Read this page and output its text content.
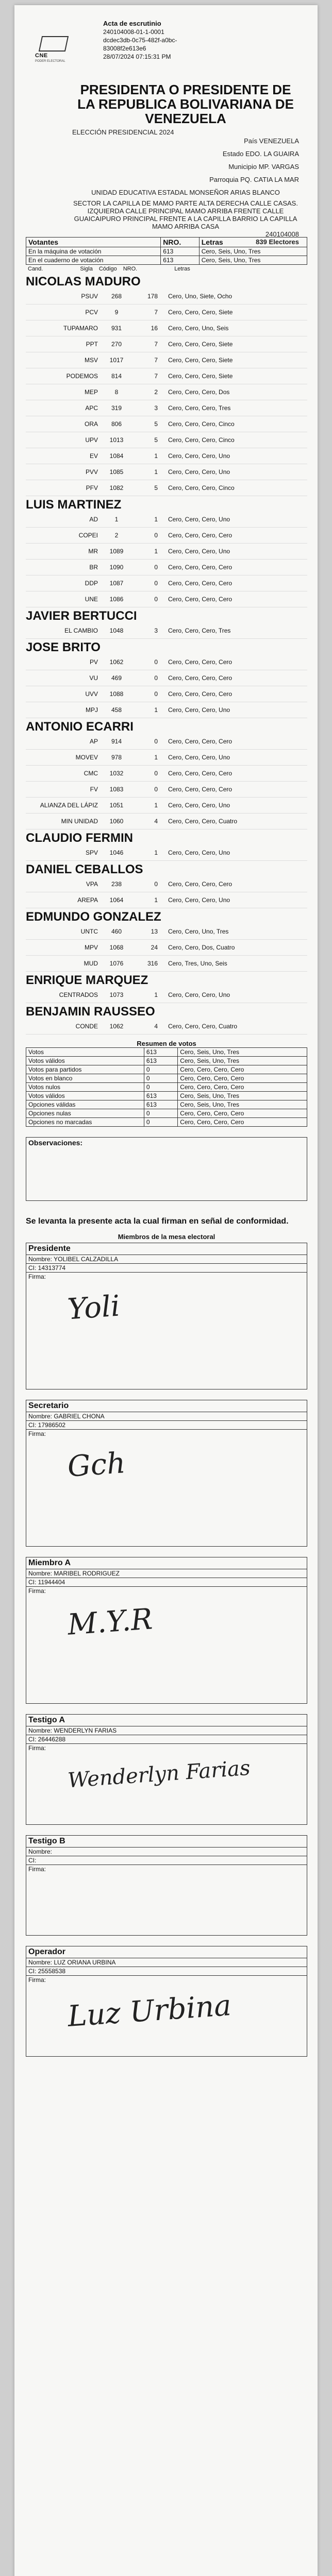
CNE
PODER ELECTORAL
Acta de escrutinio
240104008-01-1-0001
dcdec3db-0c75-482f-a0bc-
83008f2e613e6
28/07/2024 07:15:31 PM
PRESIDENTA O PRESIDENTE DE LA REPUBLICA BOLIVARIANA DE VENEZUELA
ELECCIÓN PRESIDENCIAL 2024
País VENEZUELA
Estado EDO. LA GUAIRA
Municipio MP. VARGAS
Parroquia PQ. CATIA LA MAR
UNIDAD EDUCATIVA ESTADAL MONSEÑOR ARIAS BLANCO
SECTOR LA CAPILLA DE MAMO PARTE ALTA DERECHA CALLE CASAS. IZQUIERDA CALLE PRINCIPAL MAMO ARRIBA FRENTE CALLE GUAICAIPURO PRINCIPAL FRENTE A LA CAPILLA BARRIO LA CAPILLA MAMO ARRIBA CASA
240104008
839 Electores
Votantes	NRO.	Letras
En la máquina de votación	613	Cero, Seis, Uno, Tres
En el cuaderno de votación	613	Cero, Seis, Uno, Tres
Cand.	Sigla Código NRO.	Letras
NICOLAS MADURO
PSUV	268	178	Cero, Uno, Siete, Ocho
PCV	9	7	Cero, Cero, Cero, Siete
TUPAMARO	931	16	Cero, Cero, Uno, Seis
PPT	270	7	Cero, Cero, Cero, Siete
MSV	1017	7	Cero, Cero, Cero, Siete
PODEMOS	814	7	Cero, Cero, Cero, Siete
MEP	8	2	Cero, Cero, Cero, Dos
APC	319	3	Cero, Cero, Cero, Tres
ORA	806	5	Cero, Cero, Cero, Cinco
UPV	1013	5	Cero, Cero, Cero, Cinco
EV	1084	1	Cero, Cero, Cero, Uno
PVV	1085	1	Cero, Cero, Cero, Uno
PFV	1082	5	Cero, Cero, Cero, Cinco
LUIS MARTINEZ
AD	1	1	Cero, Cero, Cero, Uno
COPEI	2	0	Cero, Cero, Cero, Cero
MR	1089	1	Cero, Cero, Cero, Uno
BR	1090	0	Cero, Cero, Cero, Cero
DDP	1087	0	Cero, Cero, Cero, Cero
UNE	1086	0	Cero, Cero, Cero, Cero
JAVIER BERTUCCI
EL CAMBIO	1048	3	Cero, Cero, Cero, Tres
JOSE BRITO
PV	1062	0	Cero, Cero, Cero, Cero
VU	469	0	Cero, Cero, Cero, Cero
UVV	1088	0	Cero, Cero, Cero, Cero
MPJ	458	1	Cero, Cero, Cero, Uno
ANTONIO ECARRI
AP	914	0	Cero, Cero, Cero, Cero
MOVEV	978	1	Cero, Cero, Cero, Uno
CMC	1032	0	Cero, Cero, Cero, Cero
FV	1083	0	Cero, Cero, Cero, Cero
ALIANZA DEL LÁPIZ	1051	1	Cero, Cero, Cero, Uno
MIN UNIDAD	1060	4	Cero, Cero, Cero, Cuatro
CLAUDIO FERMIN
SPV	1046	1	Cero, Cero, Cero, Uno
DANIEL CEBALLOS
VPA	238	0	Cero, Cero, Cero, Cero
AREPA	1064	1	Cero, Cero, Cero, Uno
EDMUNDO GONZALEZ
UNTC	460	13	Cero, Cero, Uno, Tres
MPV	1068	24	Cero, Cero, Dos, Cuatro
MUD	1076	316	Cero, Tres, Uno, Seis
ENRIQUE MARQUEZ
CENTRADOS	1073	1	Cero, Cero, Cero, Uno
BENJAMIN RAUSSEO
CONDE	1062	4	Cero, Cero, Cero, Cuatro
Resumen de votos
Votos	613	Cero, Seis, Uno, Tres
Votos válidos	613	Cero, Seis, Uno, Tres
Votos para partidos	0	Cero, Cero, Cero, Cero
Votos en blanco	0	Cero, Cero, Cero, Cero
Votos nulos	0	Cero, Cero, Cero, Cero
Votos válidos	613	Cero, Seis, Uno, Tres
Opciones válidas	613	Cero, Seis, Uno, Tres
Opciones nulas	0	Cero, Cero, Cero, Cero
Opciones no marcadas	0	Cero, Cero, Cero, Cero
Observaciones:
Se levanta la presente acta la cual firman en señal de conformidad.
Miembros de la mesa electoral
Presidente
Nombre: YOLIBEL CALZADILLA
CI: 14313774
Firma:
Yoli
Secretario
Nombre: GABRIEL CHONA
CI: 17986502
Firma:
Gch
Miembro A
Nombre: MARIBEL RODRIGUEZ
CI: 11944404
Firma:
M.Y.R
Testigo A
Nombre: WENDERLYN FARIAS
CI: 26446288
Firma:
Wenderlyn Farias
Testigo B
Nombre:
CI:
Firma:
Operador
Nombre: LUZ ORIANA URBINA
CI: 25558538
Firma:
Luz Urbina
